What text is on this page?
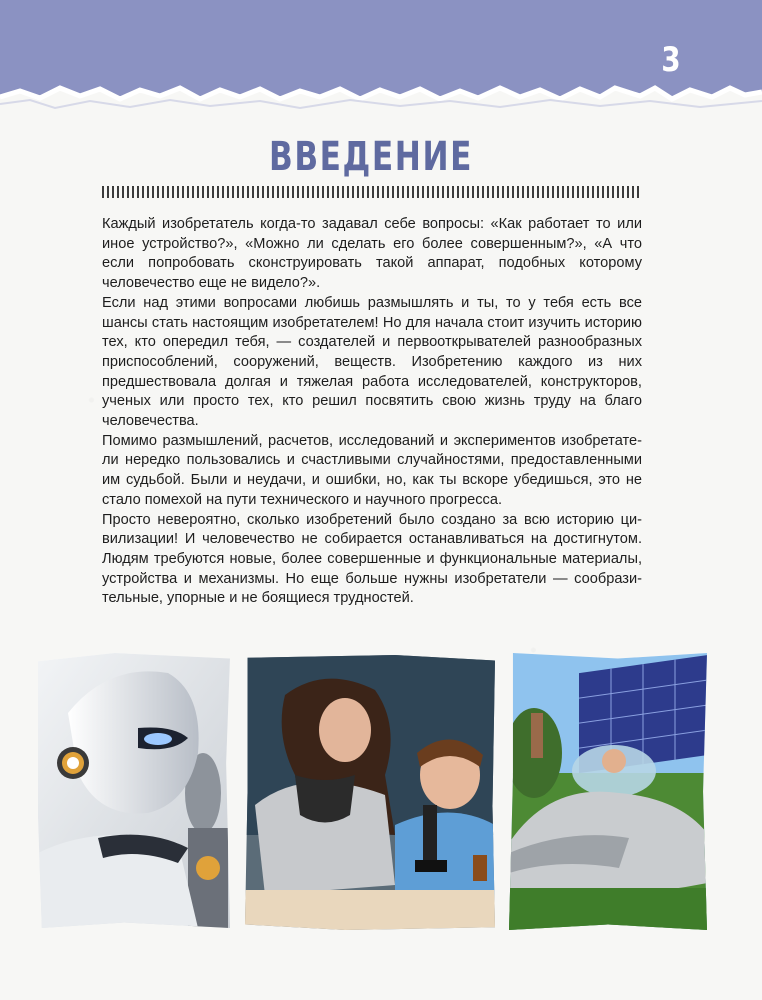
3
ВВЕДЕНИЕ

Каждый изобретатель когда-то задавал себе вопросы: «Как работает то или иное устройство?», «Можно ли сделать его более совершенным?», «А что если попробовать сконструировать такой аппарат, подобных которому человечество еще не видело?».

Если над этими вопросами любишь размышлять и ты, то у тебя есть все шансы стать настоящим изобретателем! Но для начала стоит изучить историю тех, кто опередил тебя, — создателей и первооткрывателей разнообразных приспособлений, сооружений, веществ. Изобретению каждого из них предшествовала долгая и тяжелая работа исследователей, конструкторов, ученых или просто тех, кто решил посвятить свою жизнь труду на благо человечества.

Помимо размышлений, расчетов, исследований и экспериментов изобретатели нередко пользовались и счастливыми случайностями, предоставленными им судьбой. Были и неудачи, и ошибки, но, как ты вскоре убедишься, это не стало помехой на пути технического и научного прогресса.

Просто невероятно, сколько изобретений было создано за всю историю цивилизации! И человечество не собирается останавливаться на достигнутом. Людям требуются новые, более совершенные и функциональные материалы, устройства и механизмы. Но еще больше нужны изобретатели — сообразительные, упорные и не боящиеся трудностей.
